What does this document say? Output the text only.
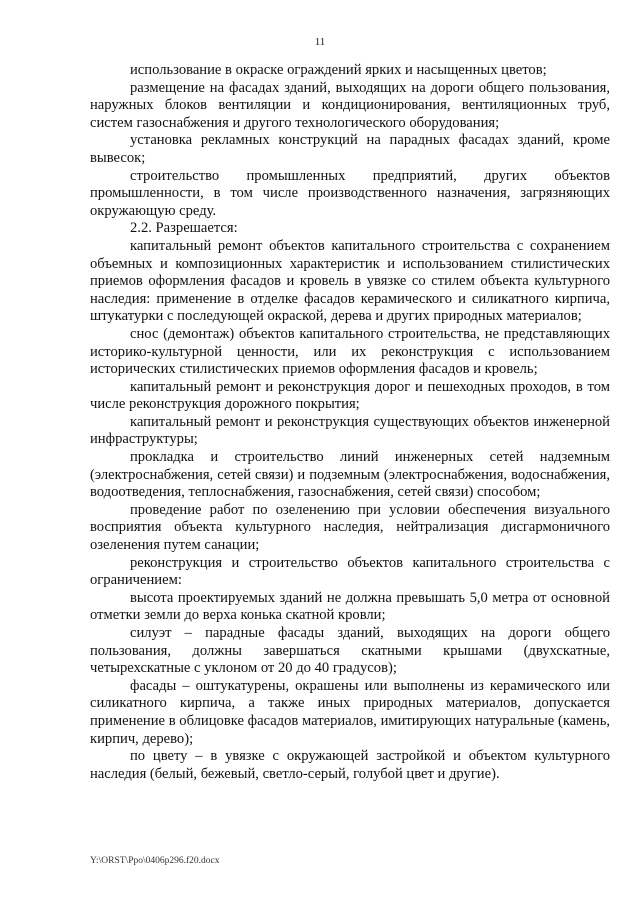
11

использование в окраске ограждений ярких и насыщенных цветов;

размещение на фасадах зданий, выходящих на дороги общего пользования, наружных блоков вентиляции и кондиционирования, вентиляционных труб, систем газоснабжения и другого технологического оборудования;

установка рекламных конструкций на парадных фасадах зданий, кроме вывесок;

строительство промышленных предприятий, других объектов промышленности, в том числе производственного назначения, загрязняющих окружающую среду.

2.2. Разрешается:

капитальный ремонт объектов капитального строительства с сохранением объемных и композиционных характеристик и использованием стилистических приемов оформления фасадов и кровель в увязке со стилем объекта культурного наследия: применение в отделке фасадов керамического и силикатного кирпича, штукатурки с последующей окраской, дерева и других природных материалов;

снос (демонтаж) объектов капитального строительства, не представляющих историко-культурной ценности, или их реконструкция с использованием исторических стилистических приемов оформления фасадов и кровель;

капитальный ремонт и реконструкция дорог и пешеходных проходов, в том числе реконструкция дорожного покрытия;

капитальный ремонт и реконструкция существующих объектов инженерной инфраструктуры;

прокладка и строительство линий инженерных сетей надземным (электроснабжения, сетей связи) и подземным (электроснабжения, водоснабжения, водоотведения, теплоснабжения, газоснабжения, сетей связи) способом;

проведение работ по озеленению при условии обеспечения визуального восприятия объекта культурного наследия, нейтрализация дисгармоничного озеленения путем санации;

реконструкция и строительство объектов капитального строительства с ограничением:

высота проектируемых зданий не должна превышать 5,0 метра от основной отметки земли до верха конька скатной кровли;

силуэт – парадные фасады зданий, выходящих на дороги общего пользования, должны завершаться скатными крышами (двухскатные, четырехскатные с уклоном от 20 до 40 градусов);

фасады – оштукатурены, окрашены или выполнены из керамического или силикатного кирпича, а также иных природных материалов, допускается применение в облицовке фасадов материалов, имитирующих натуральные (камень, кирпич, дерево);

по цвету – в увязке с окружающей застройкой и объектом культурного наследия (белый, бежевый, светло-серый, голубой цвет и другие).

Y:\ORST\Ppo\0406p296.f20.docx
